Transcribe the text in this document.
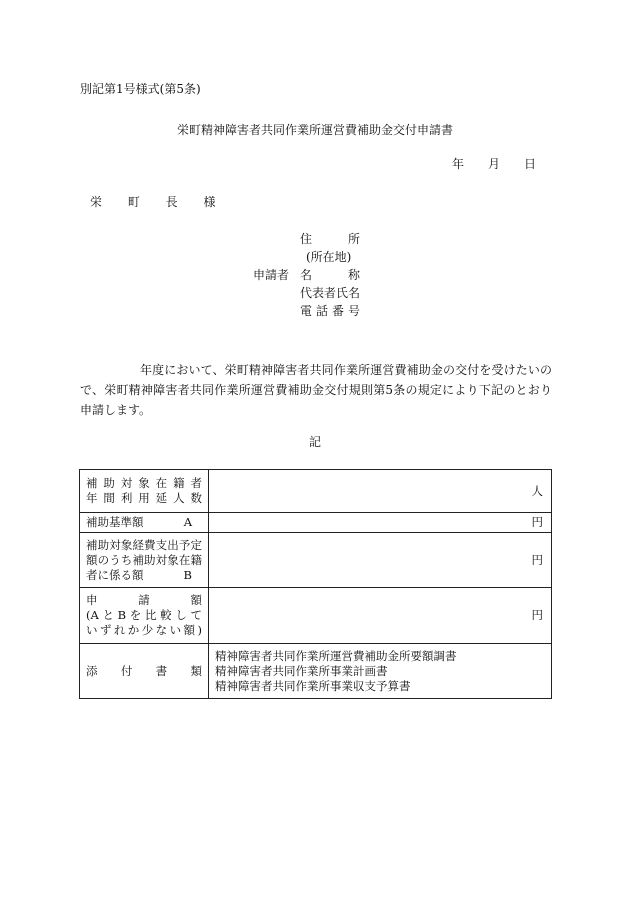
別記第1号様式(第5条)
栄町精神障害者共同作業所運営費補助金交付申請書
年 月 日
栄 町 長 様
申請者
住所
(所在地)
名称
代表者氏名
電話番号
年度において、栄町精神障害者共同作業所運営費補助金の交付を受けたいので、栄町精神障害者共同作業所運営費補助金交付規則第5条の規定により下記のとおり申請します。
記
補助対象在籍者
年間利用延人数	人

補助基準額 A	円

補助対象経費支出予定
額のうち補助対象在籍
者に係る額 B	円

申請額
(AとBを比較して
いずれか少ない額)	円

添付書類	精神障害者共同作業所運営費補助金所要額調書
精神障害者共同作業所事業計画書
精神障害者共同作業所事業収支予算書
